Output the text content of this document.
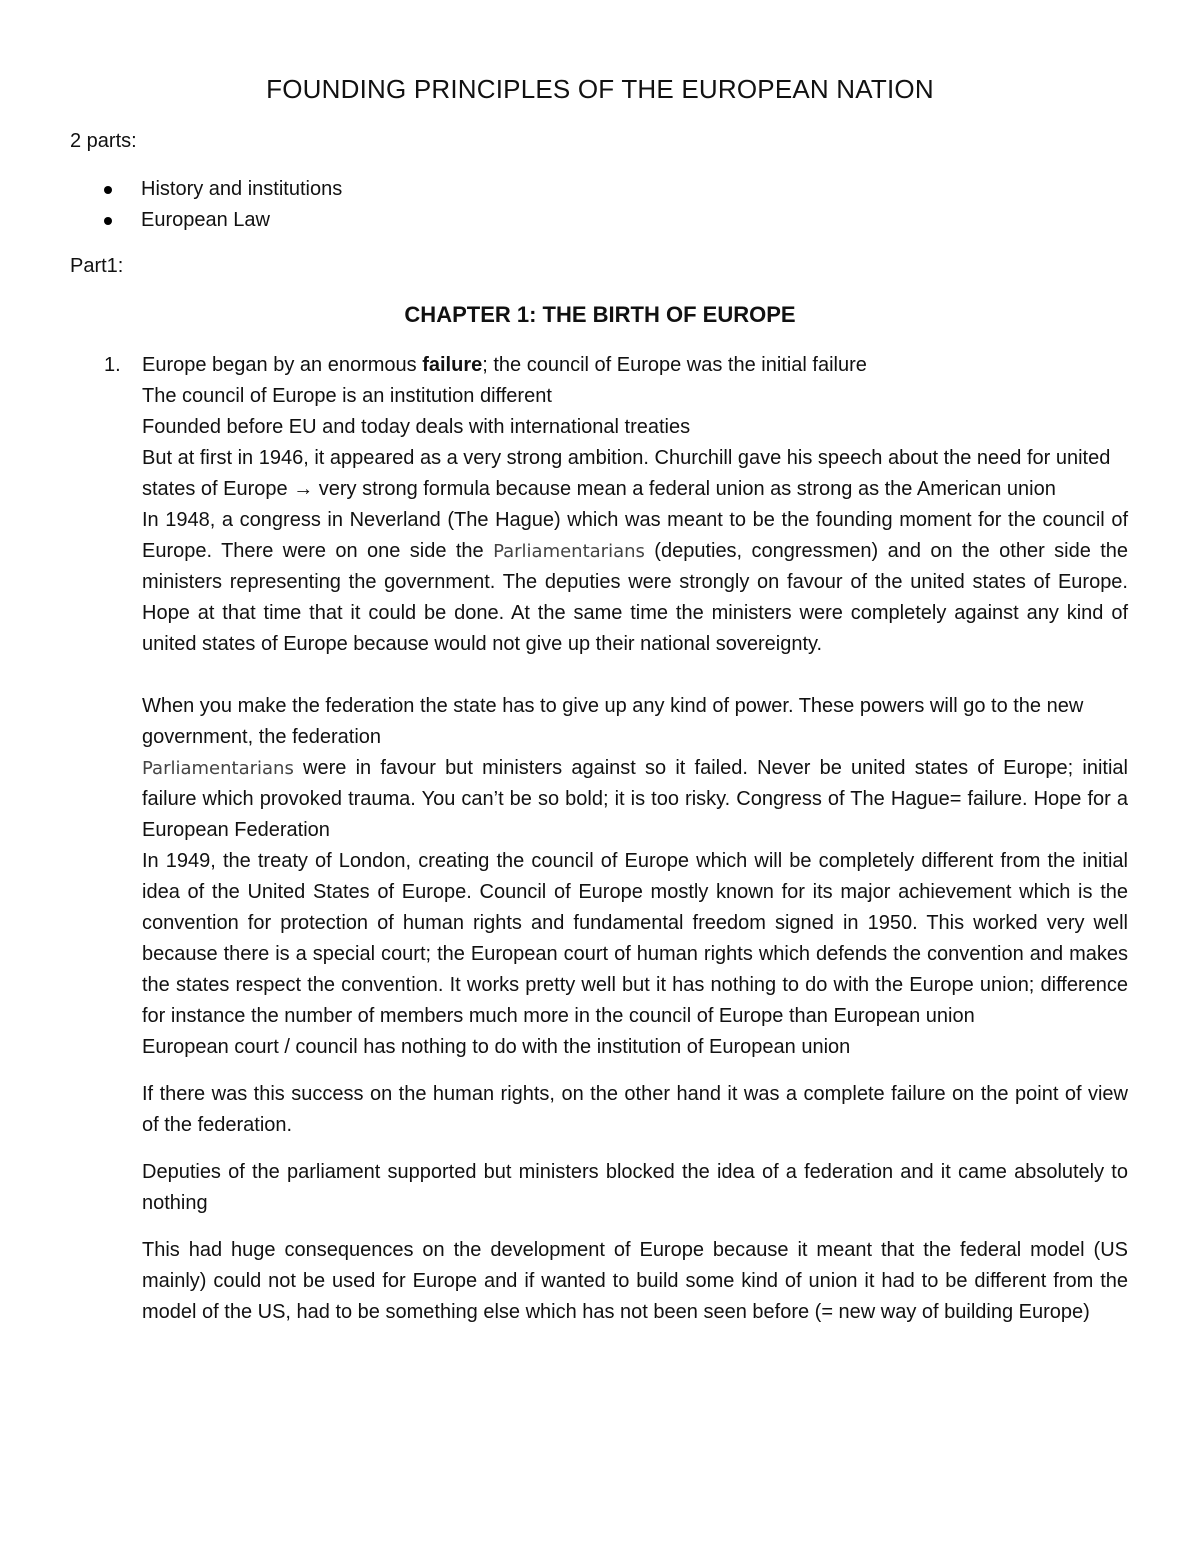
FOUNDING PRINCIPLES OF THE EUROPEAN NATION
2 parts:
History and institutions
European Law
Part1:
CHAPTER 1: THE BIRTH OF EUROPE
1. Europe began by an enormous failure; the council of Europe was the initial failure

The council of Europe is an institution different

Founded before EU and today deals with international treaties

But at first in 1946, it appeared as a very strong ambition. Churchill gave his speech about the need for united states of Europe → very strong formula because mean a federal union as strong as the American union

In 1948, a congress in Neverland (The Hague) which was meant to be the founding moment for the council of Europe. There were on one side the Parliamentarians (deputies, congressmen) and on the other side the ministers representing the government. The deputies were strongly on favour of the united states of Europe. Hope at that time that it could be done. At the same time the ministers were completely against any kind of united states of Europe because would not give up their national sovereignty.

When you make the federation the state has to give up any kind of power. These powers will go to the new government, the federation

Parliamentarians were in favour but ministers against so it failed. Never be united states of Europe; initial failure which provoked trauma. You can’t be so bold; it is too risky. Congress of The Hague= failure. Hope for a European Federation

In 1949, the treaty of London, creating the council of Europe which will be completely different from the initial idea of the United States of Europe. Council of Europe mostly known for its major achievement which is the convention for protection of human rights and fundamental freedom signed in 1950. This worked very well because there is a special court; the European court of human rights which defends the convention and makes the states respect the convention. It works pretty well but it has nothing to do with the Europe union; difference for instance the number of members much more in the council of Europe than European union

European court / council has nothing to do with the institution of European union

If there was this success on the human rights, on the other hand it was a complete failure on the point of view of the federation.

Deputies of the parliament supported but ministers blocked the idea of a federation and it came absolutely to nothing

This had huge consequences on the development of Europe because it meant that the federal model (US mainly) could not be used for Europe and if wanted to build some kind of union it had to be different from the model of the US, had to be something else which has not been seen before (= new way of building Europe)
